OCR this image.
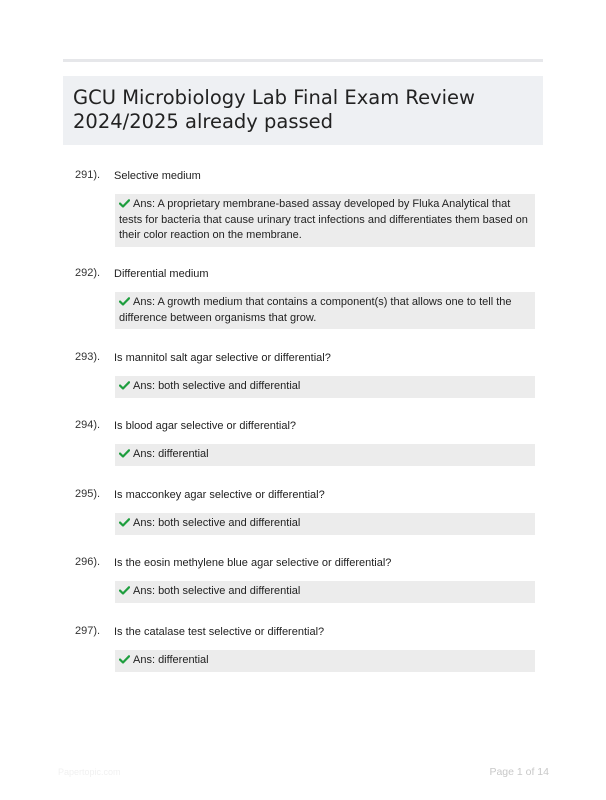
GCU Microbiology Lab Final Exam Review
2024/2025 already passed
291). Selective medium
Ans: A proprietary membrane-based assay developed by Fluka Analytical that tests for bacteria that cause urinary tract infections and differentiates them based on their color reaction on the membrane.
292). Differential medium
Ans: A growth medium that contains a component(s) that allows one to tell the difference between organisms that grow.
293). Is mannitol salt agar selective or differential?
Ans: both selective and differential
294). Is blood agar selective or differential?
Ans: differential
295). Is macconkey agar selective or differential?
Ans: both selective and differential
296). Is the eosin methylene blue agar selective or differential?
Ans: both selective and differential
297). Is the catalase test selective or differential?
Ans: differential
Papertopic.com	Page 1 of 14
